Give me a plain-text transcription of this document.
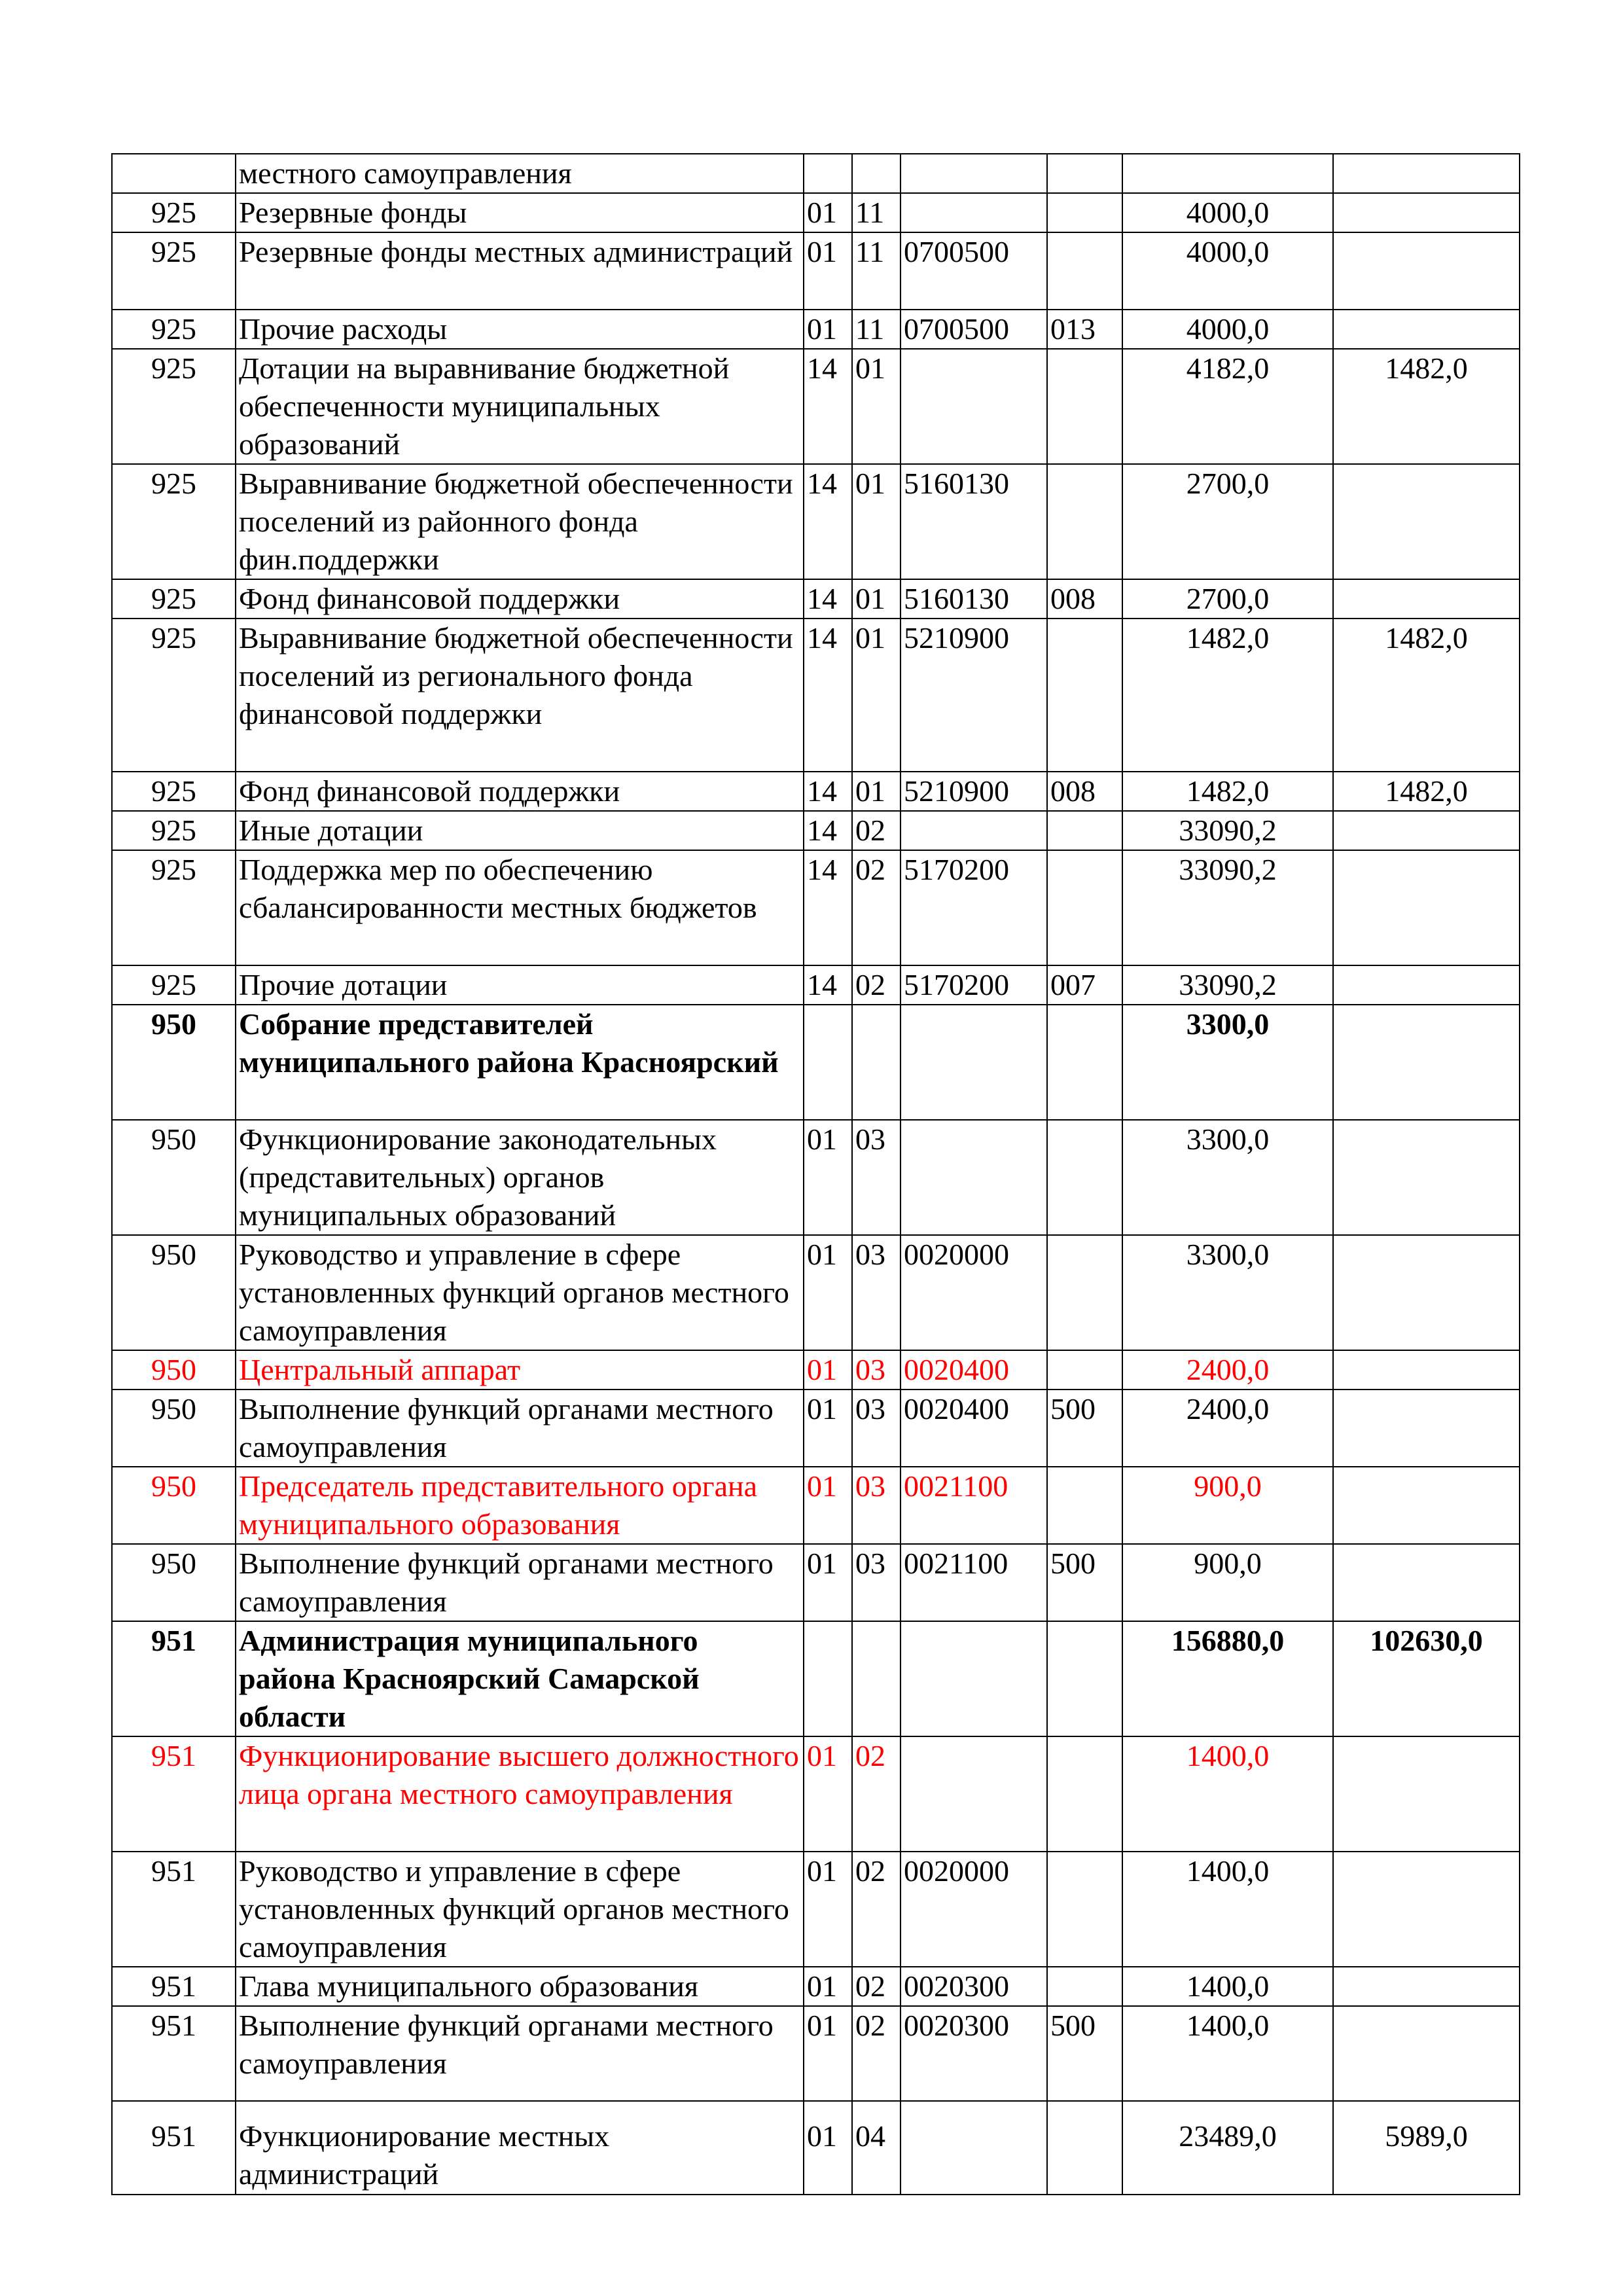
	местного самоуправления						
925	Резервные фонды	01	11			4000,0	
925	Резервные фонды местных администраций	01	11	0700500		4000,0	
925	Прочие расходы	01	11	0700500	013	4000,0	
925	Дотации на выравнивание бюджетной обеспеченности муниципальных образований	14	01			4182,0	1482,0
925	Выравнивание бюджетной обеспеченности поселений из районного фонда фин.поддержки	14	01	5160130		2700,0	
925	Фонд финансовой поддержки	14	01	5160130	008	2700,0	
925	Выравнивание бюджетной обеспеченности поселений из регионального фонда финансовой поддержки	14	01	5210900		1482,0	1482,0
925	Фонд финансовой поддержки	14	01	5210900	008	1482,0	1482,0
925	Иные дотации	14	02			33090,2	
925	Поддержка мер по обеспечению сбалансированности местных бюджетов	14	02	5170200		33090,2	
925	Прочие дотации	14	02	5170200	007	33090,2	
950	Собрание представителей муниципального района Красноярский					3300,0	
950	Функционирование законодательных (представительных) органов муниципальных образований	01	03			3300,0	
950	Руководство и управление в сфере установленных функций органов местного самоуправления	01	03	0020000		3300,0	
950	Центральный аппарат	01	03	0020400		2400,0	
950	Выполнение функций органами местного самоуправления	01	03	0020400	500	2400,0	
950	Председатель представительного органа муниципального образования	01	03	0021100		900,0	
950	Выполнение функций органами местного самоуправления	01	03	0021100	500	900,0	
951	Администрация муниципального района Красноярский Самарской области					156880,0	102630,0
951	Функционирование высшего должностного лица органа местного самоуправления	01	02			1400,0	
951	Руководство и управление в сфере установленных функций органов местного самоуправления	01	02	0020000		1400,0	
951	Глава муниципального образования	01	02	0020300		1400,0	
951	Выполнение функций органами местного самоуправления	01	02	0020300	500	1400,0	
951	Функционирование местных администраций	01	04			23489,0	5989,0
